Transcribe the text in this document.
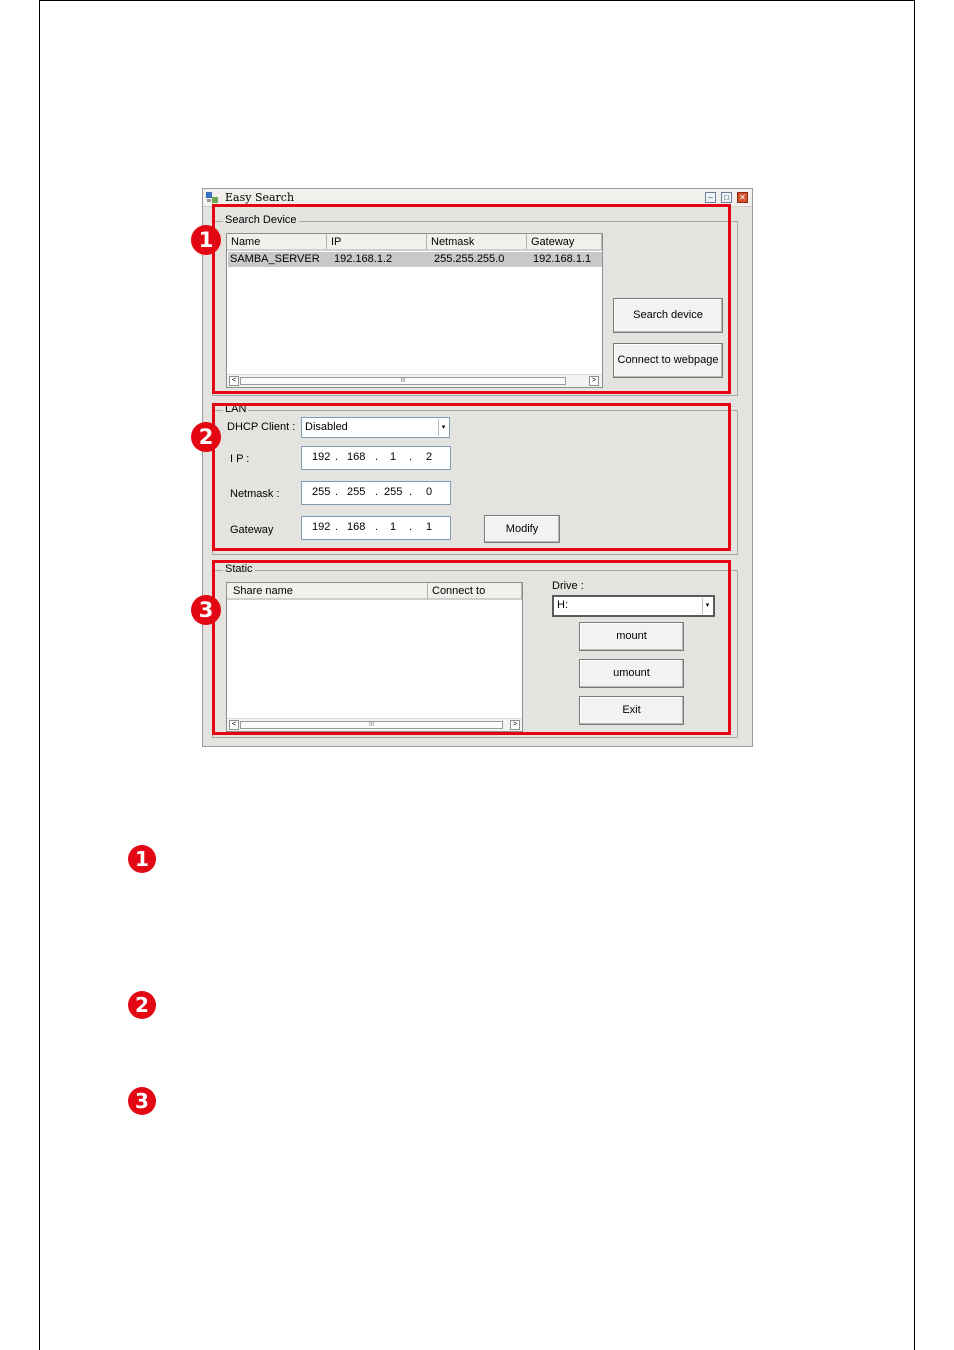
Easy Search	–	□	✕
Search Device
Name	IP	Netmask	Gateway
SAMBA_SERVER 192.168.1.2	255.255.255.0	192.168.1.1
<	III	>
Search device
Connect to webpage
LAN
DHCP Client : Disabled	▾
I P :	192 . 168 . 1 . 2
Netmask :	255 . 255 . 255 . 0
Gateway	192 . 168 . 1 . 1	Modify
Static
Share name	Connect to
<	III	>
Drive :
H:	▾
mount
umount
Exit
1
2
3
1
2
3
